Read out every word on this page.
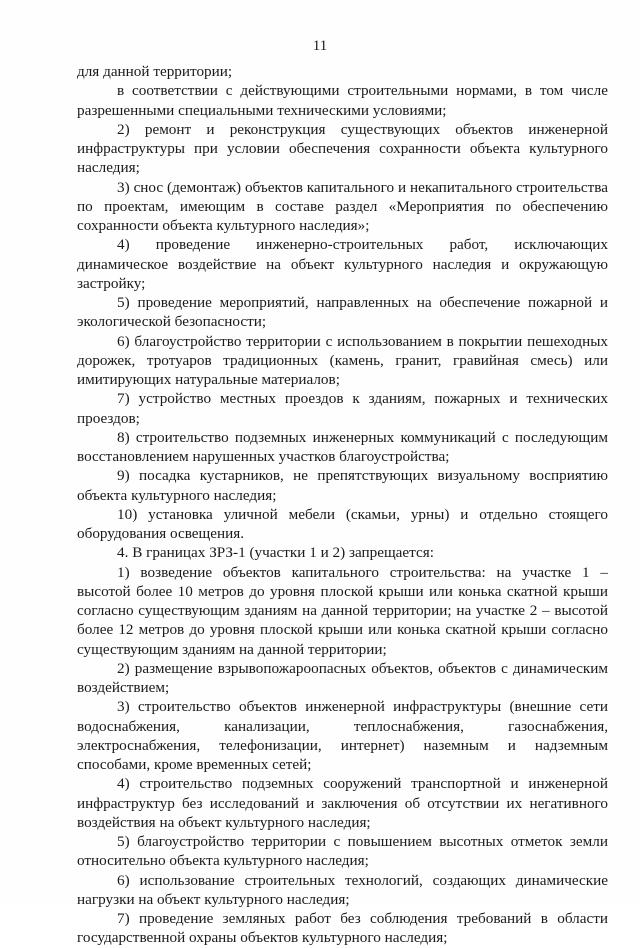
11

для данной территории;

в соответствии с действующими строительными нормами, в том числе разрешенными специальными техническими условиями;

2) ремонт и реконструкция существующих объектов инженерной инфраструктуры при условии обеспечения сохранности объекта культурного наследия;

3) снос (демонтаж) объектов капитального и некапитального строительства по проектам, имеющим в составе раздел «Мероприятия по обеспечению сохранности объекта культурного наследия»;

4) проведение инженерно-строительных работ, исключающих динамическое воздействие на объект культурного наследия и окружающую застройку;

5) проведение мероприятий, направленных на обеспечение пожарной и экологической безопасности;

6) благоустройство территории с использованием в покрытии пешеходных дорожек, тротуаров традиционных (камень, гранит, гравийная смесь) или имитирующих натуральные материалов;

7) устройство местных проездов к зданиям, пожарных и технических проездов;

8) строительство подземных инженерных коммуникаций с последующим восстановлением нарушенных участков благоустройства;

9) посадка кустарников, не препятствующих визуальному восприятию объекта культурного наследия;

10) установка уличной мебели (скамьи, урны) и отдельно стоящего оборудования освещения.

4. В границах ЗРЗ-1 (участки 1 и 2) запрещается:

1) возведение объектов капитального строительства: на участке 1 – высотой более 10 метров до уровня плоской крыши или конька скатной крыши согласно существующим зданиям на данной территории; на участке 2 – высотой более 12 метров до уровня плоской крыши или конька скатной крыши согласно существующим зданиям на данной территории;

2) размещение взрывопожароопасных объектов, объектов с динамическим воздействием;

3) строительство объектов инженерной инфраструктуры (внешние сети водоснабжения, канализации, теплоснабжения, газоснабжения, электроснабжения, телефонизации, интернет) наземным и надземным способами, кроме временных сетей;

4) строительство подземных сооружений транспортной и инженерной инфраструктур без исследований и заключения об отсутствии их негативного воздействия на объект культурного наследия;

5) благоустройство территории с повышением высотных отметок земли относительно объекта культурного наследия;

6) использование строительных технологий, создающих динамические нагрузки на объект культурного наследия;

7) проведение земляных работ без соблюдения требований в области государственной охраны объектов культурного наследия;
